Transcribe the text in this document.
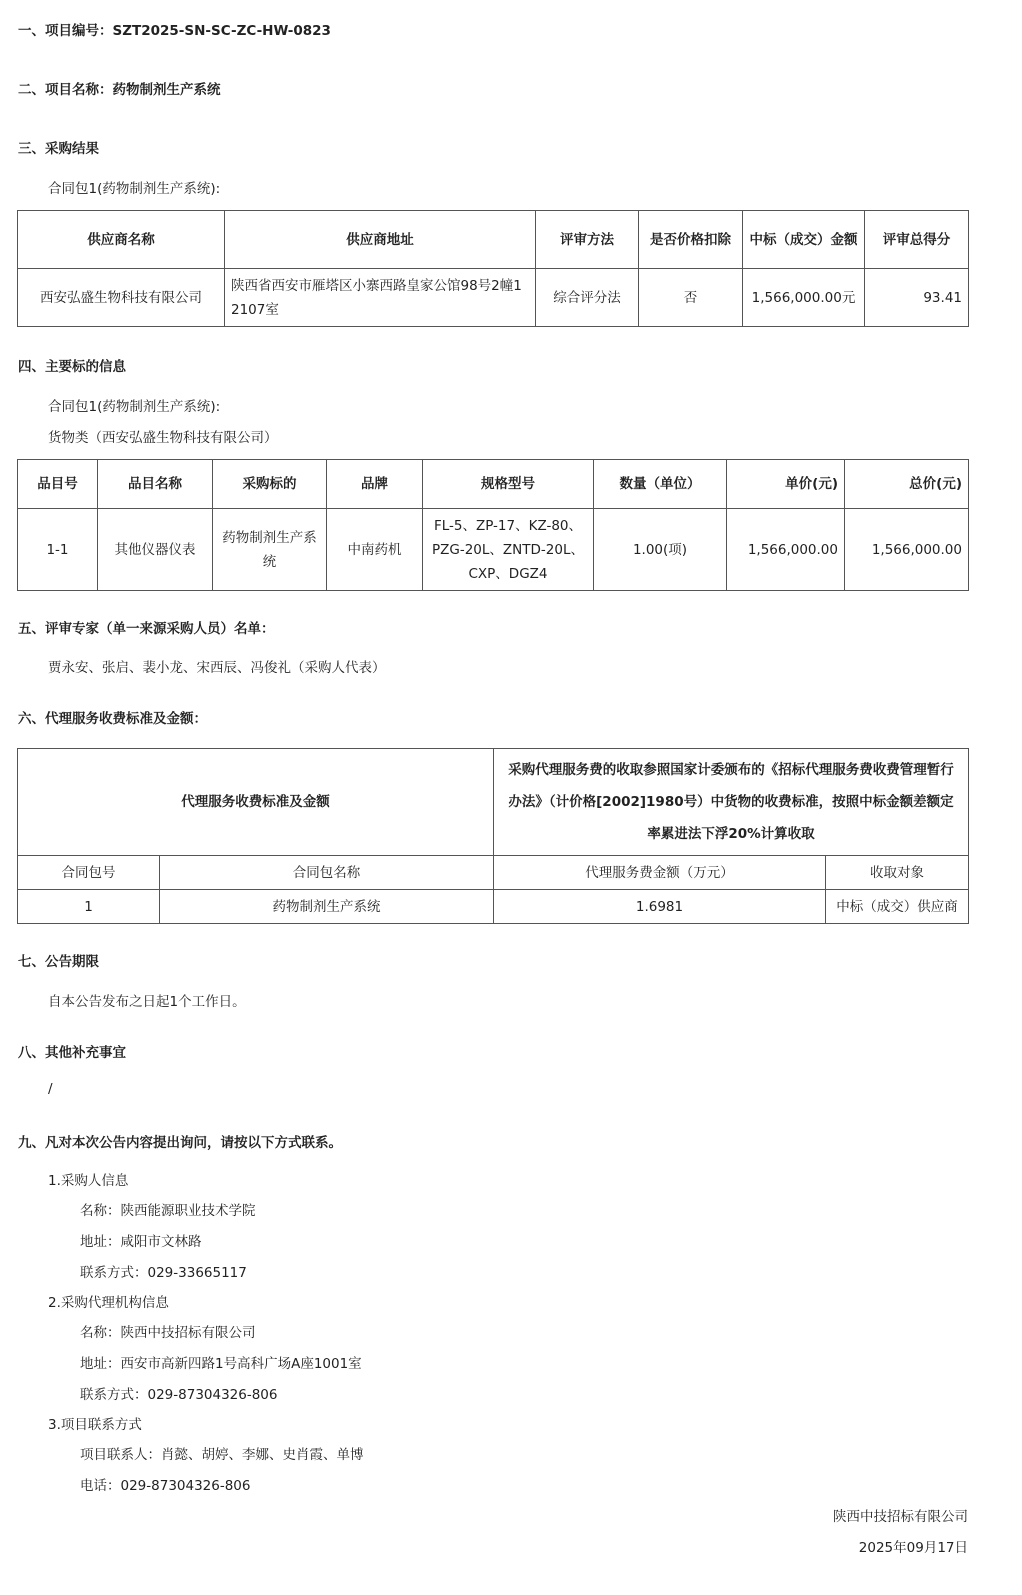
一、项目编号：SZT2025-SN-SC-ZC-HW-0823
二、项目名称：药物制剂生产系统
三、采购结果
合同包1(药物制剂生产系统):
供应商名称	供应商地址	评审方法	是否价格扣除	中标（成交）金额	评审总得分
西安弘盛生物科技有限公司	陕西省西安市雁塔区小寨西路皇家公馆98号2幢12107室	综合评分法	否	1,566,000.00元	93.41
四、主要标的信息
合同包1(药物制剂生产系统):
货物类（西安弘盛生物科技有限公司）
品目号	品目名称	采购标的	品牌	规格型号	数量（单位）	单价(元)	总价(元)
1-1	其他仪器仪表	药物制剂生产系统	中南药机	FL-5、ZP-17、KZ-80、PZG-20L、ZNTD-20L、CXP、DGZ4	1.00(项)	1,566,000.00	1,566,000.00
五、评审专家（单一来源采购人员）名单：
贾永安、张启、裴小龙、宋西辰、冯俊礼（采购人代表）
六、代理服务收费标准及金额：
代理服务收费标准及金额		采购代理服务费的收取参照国家计委颁布的《招标代理服务费收费管理暂行办法》（计价格[2002]1980号）中货物的收费标准，按照中标金额差额定率累进法下浮20%计算收取	
合同包号	合同包名称	代理服务费金额（万元）	收取对象
1	药物制剂生产系统	1.6981	中标（成交）供应商
七、公告期限
自本公告发布之日起1个工作日。
八、其他补充事宜
/
九、凡对本次公告内容提出询问，请按以下方式联系。
1.采购人信息
名称：陕西能源职业技术学院
地址：咸阳市文林路
联系方式：029-33665117
2.采购代理机构信息
名称：陕西中技招标有限公司
地址：西安市高新四路1号高科广场A座1001室
联系方式：029-87304326-806
3.项目联系方式
项目联系人：肖懿、胡婷、李娜、史肖霞、单博
电话：029-87304326-806
陕西中技招标有限公司
2025年09月17日
